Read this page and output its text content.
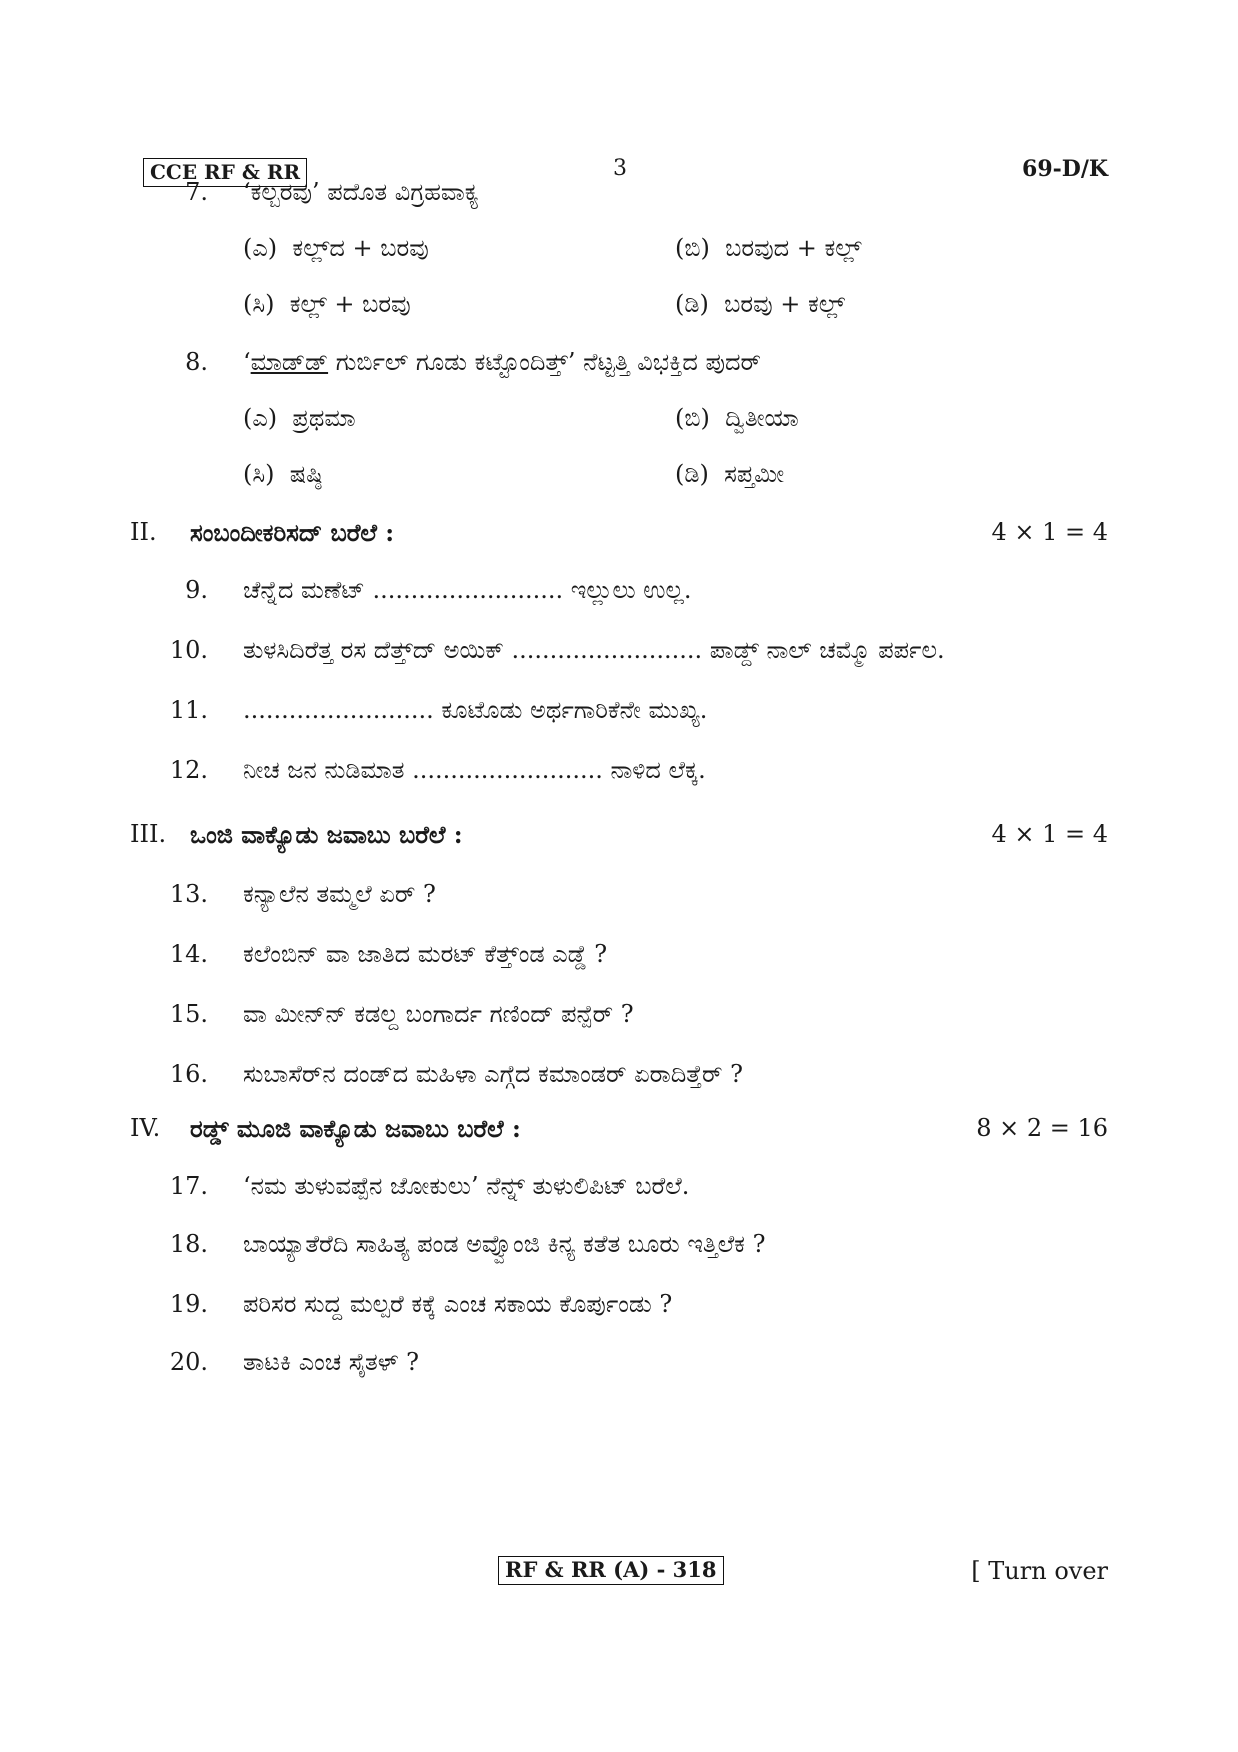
CCE RF & RR	3	69-D/K
7. ‘ಕಲ್ಬರವು’ ಪದೊತ ವಿಗ್ರಹವಾಕ್ಯ
(ಎ) ಕಲ್ಲ್‌ದ + ಬರವು	(ಬಿ) ಬರವುದ + ಕಲ್ಲ್
(ಸಿ) ಕಲ್ಲ್ + ಬರವು	(ಡಿ) ಬರವು + ಕಲ್ಲ್
8. ‘ಮಾಡ್‌ಡ್ ಗುರ್ಬಿಲ್ ಗೂಡು ಕಟ್ಟೊಂದಿತ್ತ್’ ನೆಟ್ಟತ್ತಿ ವಿಭಕ್ತಿದ ಪುದರ್
(ಎ) ಪ್ರಥಮಾ	(ಬಿ) ದ್ವಿತೀಯಾ
(ಸಿ) ಷಷ್ಠಿ	(ಡಿ) ಸಪ್ತಮೀ
II. ಸಂಬಂದೀಕರಿಸದ್ ಬರೆಲೆ :	4 × 1 = 4
9. ಚೆನ್ನೆದ ಮಣೆಟ್ ......................... ಇಲ್ಲುಲು ಉಲ್ಲ.
10. ತುಳಸಿದಿರೆತ್ತ ರಸ ದೆತ್ತ್‌ದ್ ಅಯಿಕ್ ......................... ಪಾಡ್ದ್ ನಾಲ್ ಚಮ್ಮೊ ಪರ್ಪಲ.
11. ......................... ಕೂಟೊಡು ಅರ್ಥಗಾರಿಕೆನೇ ಮುಖ್ಯ.
12. ನೀಚ ಜನ ನುಡಿಮಾತ ......................... ನಾಳಿದ ಲೆಕ್ಕ.
III. ಒಂಜಿ ವಾಕ್ಯೊಡು ಜವಾಬು ಬರೆಲೆ :	4 × 1 = 4
13. ಕನ್ಯಾಲೆನ ತಮ್ಮಲೆ ಏರ್ ?
14. ಕಲೆಂಬಿನ್ ವಾ ಜಾತಿದ ಮರಟ್ ಕೆತ್ತ್‌ಂಡ ಎಡ್ಡೆ ?
15. ವಾ ಮೀನ್‌ನ್ ಕಡಲ್ದ ಬಂಗಾರ್ದ ಗಣಿಂದ್ ಪನ್ಪೆರ್ ?
16. ಸುಬಾಸೆರ್‌ನ ದಂಡ್‌ದ ಮಹಿಳಾ ಎಗ್ಗೆದ ಕಮಾಂಡರ್ ಏರಾದಿತ್ತೆರ್ ?
IV. ರಡ್ಡ್ ಮೂಜಿ ವಾಕ್ಯೊಡು ಜವಾಬು ಬರೆಲೆ :	8 × 2 = 16
17. ‘ನಮ ತುಳುವಪ್ಪೆನ ಜೋಕುಲು’ ನೆನ್ನ್ ತುಳುಲಿಪಿಟ್ ಬರೆಲೆ.
18. ಬಾಯ್ಯಾತೆರೆದಿ ಸಾಹಿತ್ಯ ಪಂಡ ಅವ್ವೊಂಜಿ ಕಿನ್ಯ ಕತೆತ ಬೂರು ಇತ್ತಿಲೆಕ ?
19. ಪರಿಸರ ಸುದ್ದ ಮಲ್ಪರೆ ಕಕ್ಕೆ ಎಂಚ ಸಕಾಯ ಕೊರ್ಪುಂಡು ?
20. ತಾಟಕಿ ಎಂಚ ಸೈತಳ್ ?
RF & RR (A) - 318	[ Turn over
